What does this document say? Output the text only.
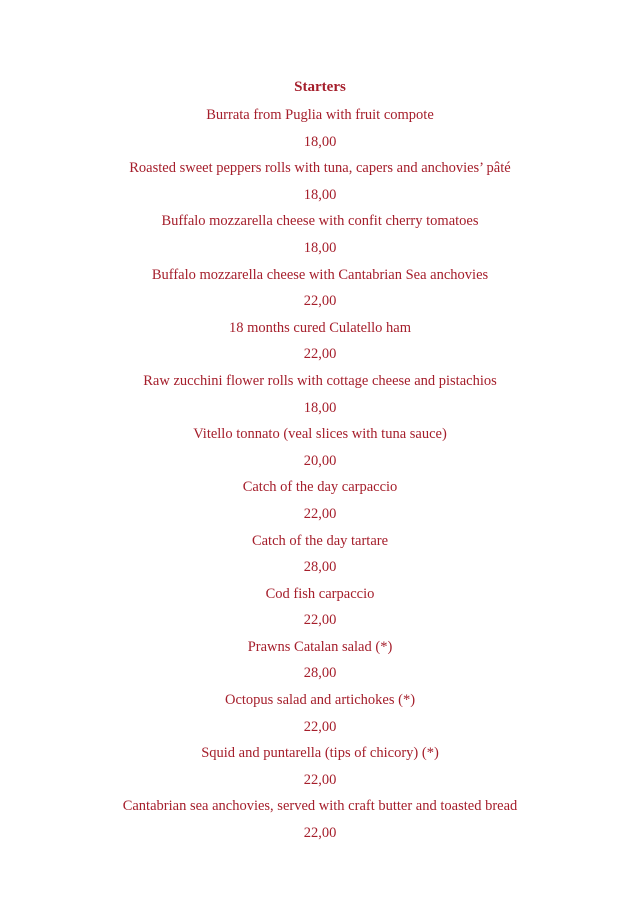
Starters
Burrata from Puglia with fruit compote
18,00
Roasted sweet peppers rolls with tuna, capers and anchovies’ pâté
18,00
Buffalo mozzarella cheese with confit cherry tomatoes
18,00
Buffalo mozzarella cheese with Cantabrian Sea anchovies
22,00
18 months cured Culatello ham
22,00
Raw zucchini flower rolls with cottage cheese and pistachios
18,00
Vitello tonnato (veal slices with tuna sauce)
20,00
Catch of the day carpaccio
22,00
Catch of the day tartare
28,00
Cod fish carpaccio
22,00
Prawns Catalan salad (*)
28,00
Octopus salad and artichokes (*)
22,00
Squid and puntarella (tips of chicory) (*)
22,00
Cantabrian sea anchovies, served with craft butter and toasted bread
22,00
